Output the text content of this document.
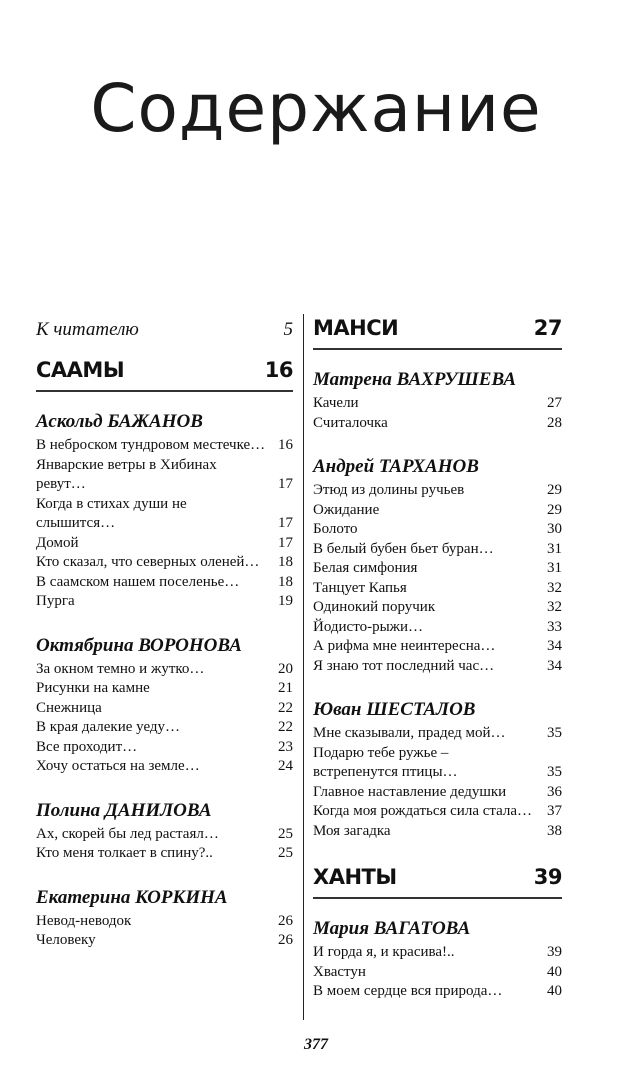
Содержание
К читателю	5
СААМЫ	16
Аскольд БАЖАНОВ
В неброском тундровом местечке… 16
Январские ветры в Хибинах ревут…	17
Когда в стихах души не слышится…	17
Домой	17
Кто сказал, что северных оленей…	18
В саамском нашем поселенье…	18
Пурга	19
Октябрина ВОРОНОВА
За окном темно и жутко…	20
Рисунки на камне	21
Снежница	22
В края далекие уеду…	22
Все проходит…	23
Хочу остаться на земле…	24
Полина ДАНИЛОВА
Ах, скорей бы лед растаял…	25
Кто меня толкает в спину?..	25
Екатерина КОРКИНА
Невод-неводок	26
Человеку	26
МАНСИ	27
Матрена ВАХРУШЕВА
Качели	27
Считалочка	28
Андрей ТАРХАНОВ
Этюд из долины ручьев	29
Ожидание	29
Болото	30
В белый бубен бьет буран…	31
Белая симфония	31
Танцует Капья	32
Одинокий поручик	32
Йодисто-рыжи…	33
А рифма мне неинтересна…	34
Я знаю тот последний час…	34
Юван ШЕСТАЛОВ
Мне сказывали, прадед мой…	35
Подарю тебе ружье – встрепенутся птицы…	35
Главное наставление дедушки	36
Когда моя рождаться сила стала… 37
Моя загадка	38
ХАНТЫ	39
Мария ВАГАТОВА
И горда я, и красива!..	39
Хвастун	40
В моем сердце вся природа…	40
377
